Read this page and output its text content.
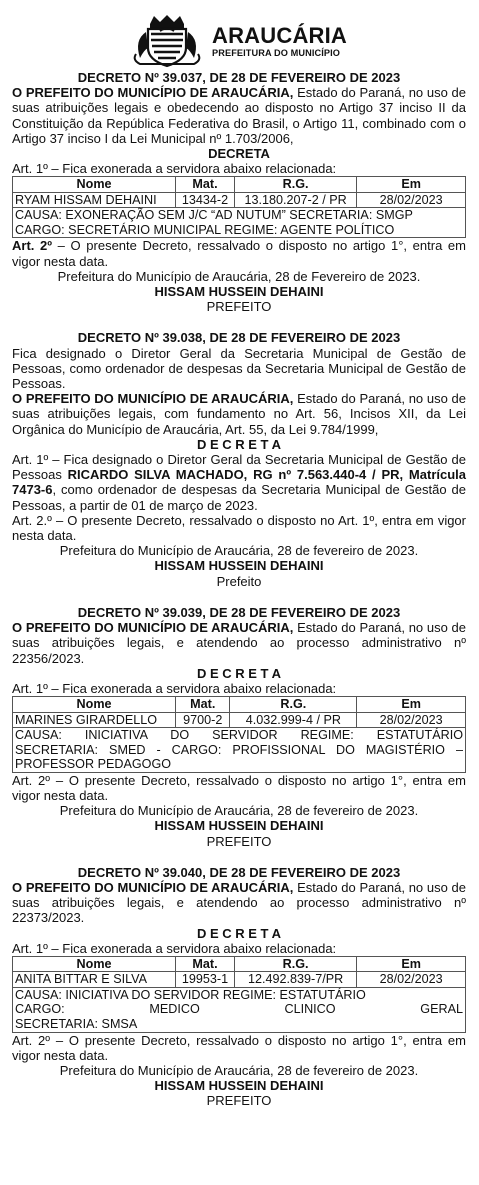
ARAUCÁRIA
PREFEITURA DO MUNICÍPIO
DECRETO Nº 39.037, DE 28 DE FEVEREIRO DE 2023
O PREFEITO DO MUNICÍPIO DE ARAUCÁRIA, Estado do Paraná, no uso de suas atribuições legais e obedecendo ao disposto no Artigo 37 inciso II da Constituição da República Federativa do Brasil, o Artigo 11, combinado com o Artigo 37 inciso I da Lei Municipal nº 1.703/2006,
DECRETA
Art. 1º – Fica exonerada a servidora abaixo relacionada:
Nome	Mat.	R.G.	Em
RYAM HISSAM DEHAINI	13434-2	13.180.207-2 / PR	28/02/2023
CAUSA: EXONERAÇÃO SEM J/C “AD NUTUM” SECRETARIA: SMGP
CARGO: SECRETÁRIO MUNICIPAL REGIME: AGENTE POLÍTICO
Art. 2º – O presente Decreto, ressalvado o disposto no artigo 1°, entra em vigor nesta data.
Prefeitura do Município de Araucária, 28 de Fevereiro de 2023.
HISSAM HUSSEIN DEHAINI
PREFEITO
DECRETO Nº 39.038, DE 28 DE FEVEREIRO DE 2023
Fica designado o Diretor Geral da Secretaria Municipal de Gestão de Pessoas, como ordenador de despesas da Secretaria Municipal de Gestão de Pessoas.
O PREFEITO DO MUNICÍPIO DE ARAUCÁRIA, Estado do Paraná, no uso de suas atribuições legais, com fundamento no Art. 56, Incisos XII, da Lei Orgânica do Município de Araucária, Art. 55, da Lei 9.784/1999,
D E C R E T A
Art. 1º – Fica designado o Diretor Geral da Secretaria Municipal de Gestão de Pessoas RICARDO SILVA MACHADO, RG nº 7.563.440-4 / PR, Matrícula 7473-6, como ordenador de despesas da Secretaria Municipal de Gestão de Pessoas, a partir de 01 de março de 2023.
Art. 2.º – O presente Decreto, ressalvado o disposto no Art. 1º, entra em vigor nesta data.
Prefeitura do Município de Araucária, 28 de fevereiro de 2023.
HISSAM HUSSEIN DEHAINI
Prefeito
DECRETO Nº 39.039, DE 28 DE FEVEREIRO DE 2023
O PREFEITO DO MUNICÍPIO DE ARAUCÁRIA, Estado do Paraná, no uso de suas atribuições legais, e atendendo ao processo administrativo nº 22356/2023.
D E C R E T A
Art. 1º – Fica exonerada a servidora abaixo relacionada:
Nome	Mat.	R.G.	Em
MARINES GIRARDELLO	9700-2	4.032.999-4 / PR	28/02/2023
CAUSA: INICIATIVA DO SERVIDOR REGIME: ESTATUTÁRIO
SECRETARIA: SMED - CARGO: PROFISSIONAL DO MAGISTÉRIO –
PROFESSOR PEDAGOGO
Art. 2º – O presente Decreto, ressalvado o disposto no artigo 1°, entra em vigor nesta data.
Prefeitura do Município de Araucária, 28 de fevereiro de 2023.
HISSAM HUSSEIN DEHAINI
PREFEITO
DECRETO Nº 39.040, DE 28 DE FEVEREIRO DE 2023
O PREFEITO DO MUNICÍPIO DE ARAUCÁRIA, Estado do Paraná, no uso de suas atribuições legais, e atendendo ao processo administrativo nº 22373/2023.
D E C R E T A
Art. 1º – Fica exonerada a servidora abaixo relacionada:
Nome	Mat.	R.G.	Em
ANITA BITTAR E SILVA	19953-1	12.492.839-7/PR	28/02/2023
CAUSA: INICIATIVA DO SERVIDOR REGIME: ESTATUTÁRIO
CARGO: MEDICO CLINICO GERAL
SECRETARIA: SMSA
Art. 2º – O presente Decreto, ressalvado o disposto no artigo 1°, entra em vigor nesta data.
Prefeitura do Município de Araucária, 28 de fevereiro de 2023.
HISSAM HUSSEIN DEHAINI
PREFEITO
